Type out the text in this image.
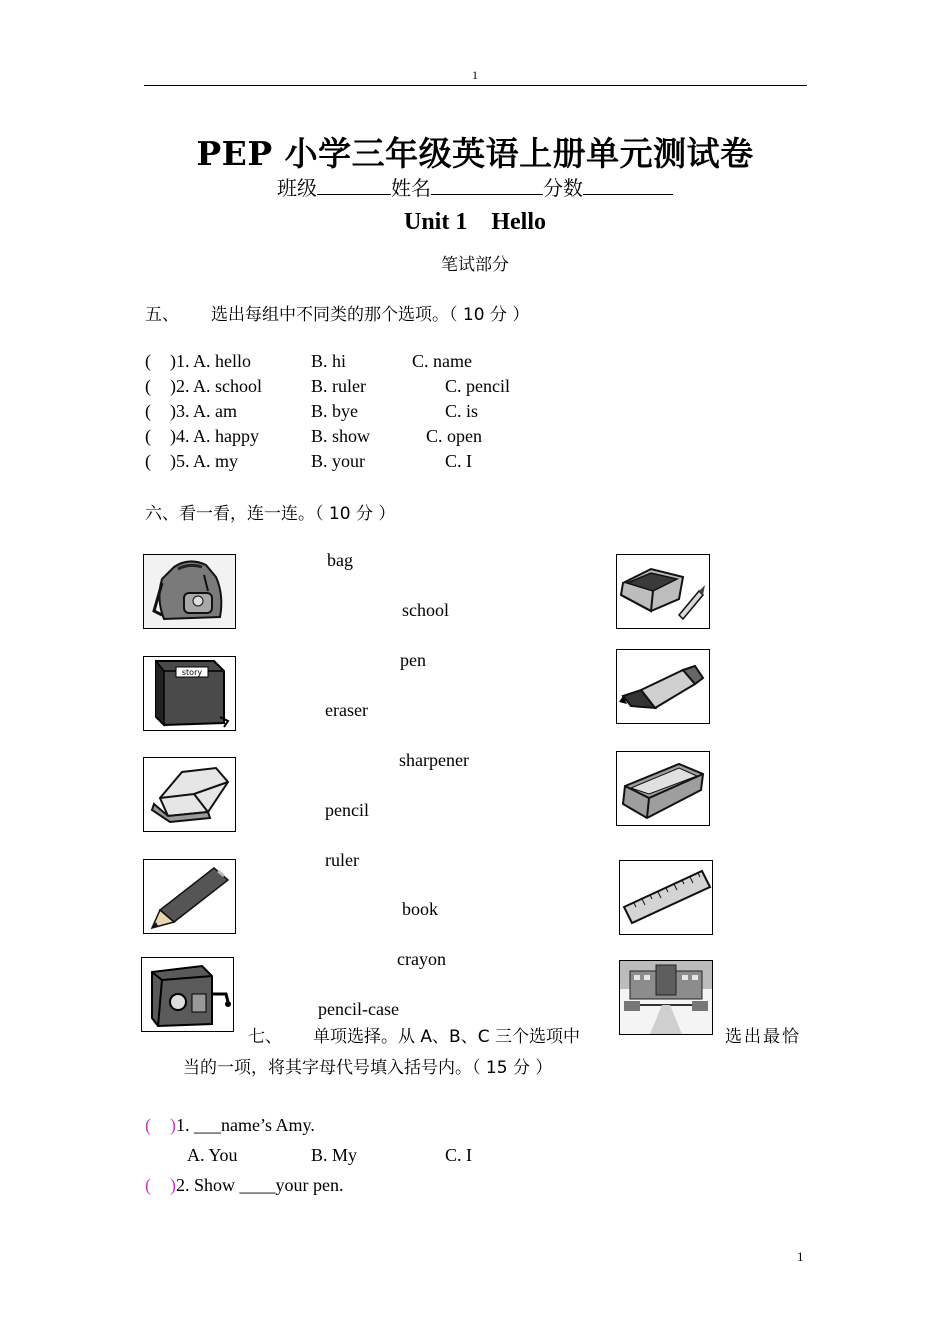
1
PEP 小学三年级英语上册单元测试卷
班级	姓名	分数
Unit 1    Hello
笔试部分
五、 选出每组中不同类的那个选项。（ 10 分 ）
( )1. A. hello	B. hi	C. name
( )2. A. school	B. ruler	C. pencil
( )3. A. am	B. bye	C. is
( )4. A. happy	B. show	C. open
( )5. A. my	B. your	C. I
六、看一看，连一连。（ 10 分 ）
bag
school
pen
eraser
sharpener
pencil
ruler
book
crayon
pencil-case
story
七、 单项选择。从 A、B、C 三个选项中	选出最恰
当的一项，将其字母代号填入括号内。（ 15 分 ）
( ) 1. ___name’s Amy.
A. You	B. My	C. I
( ) 2. Show ____your pen.
1
